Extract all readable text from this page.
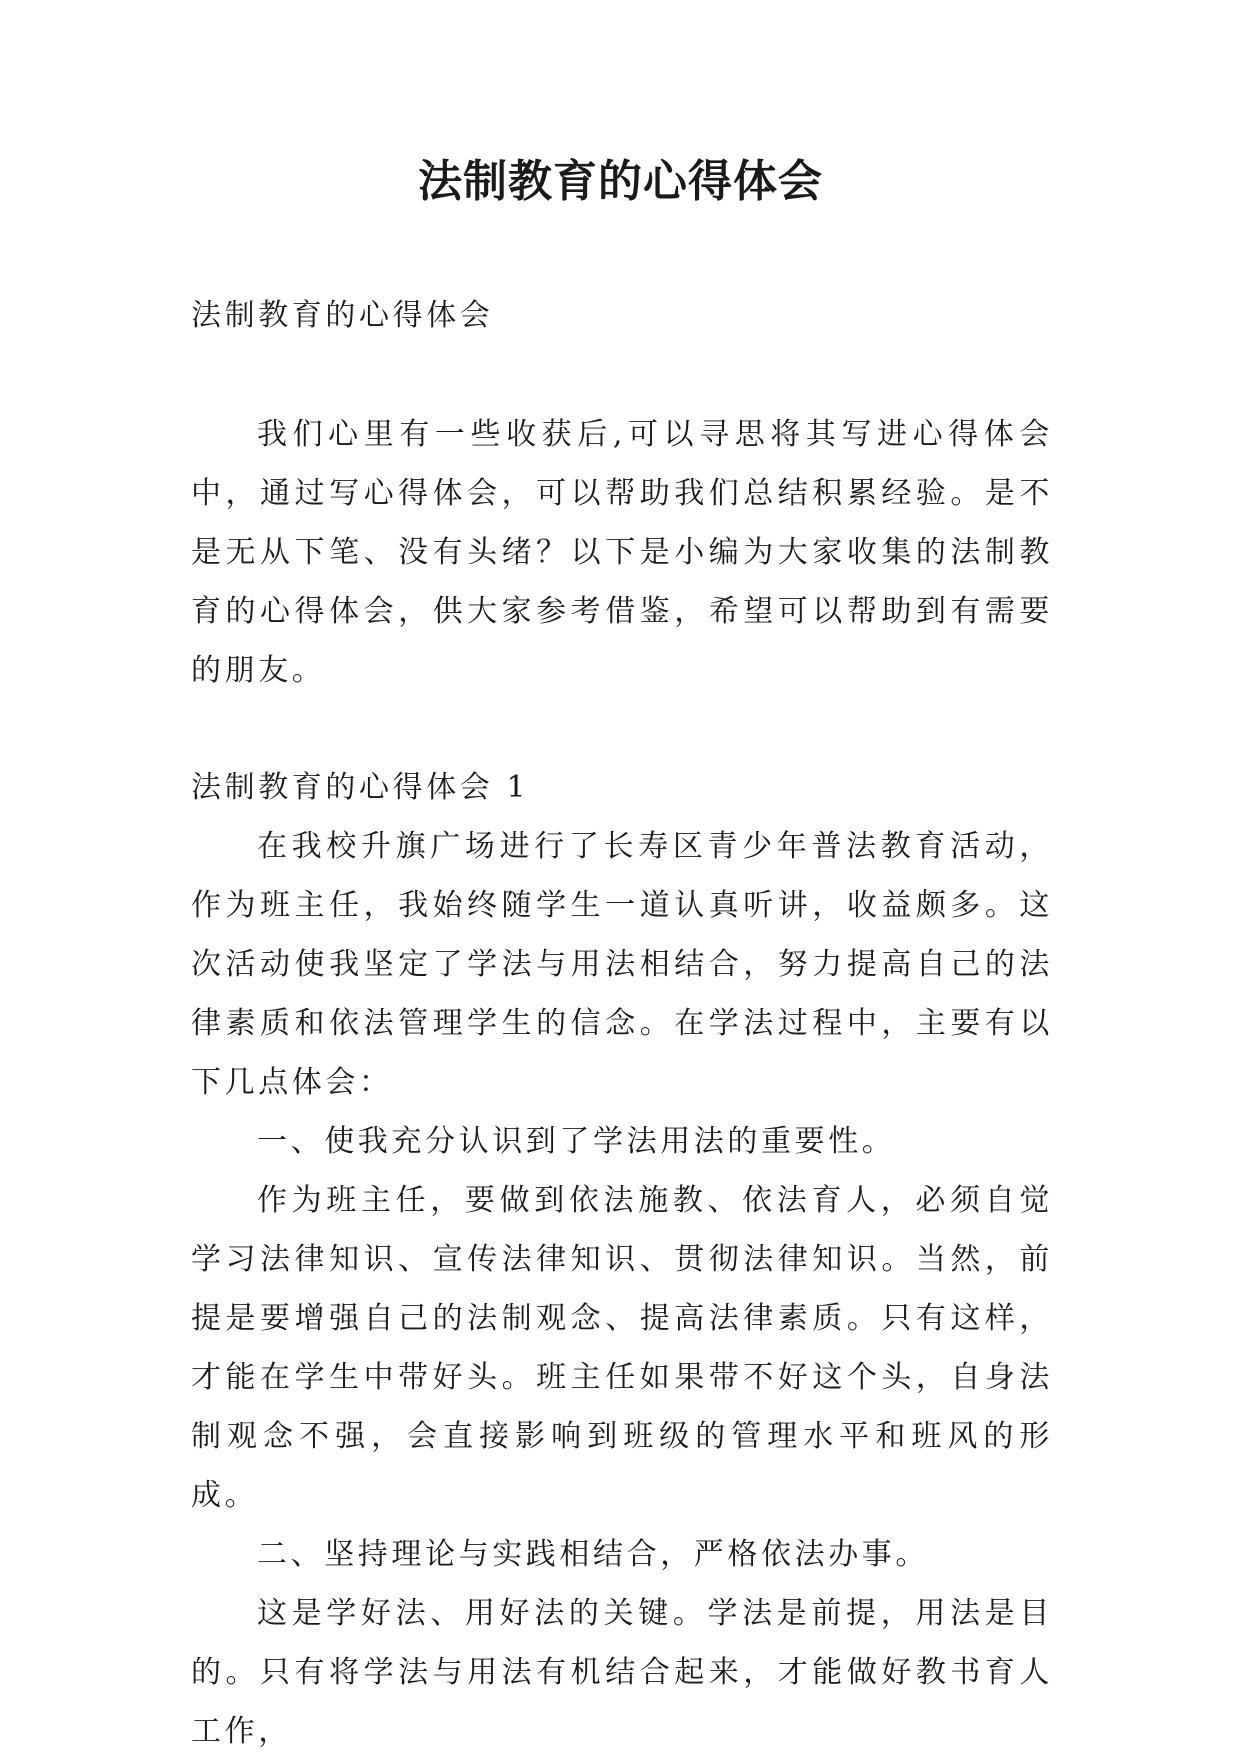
法制教育的心得体会

法制教育的心得体会

我们心里有一些收获后,可以寻思将其写进心得体会中，通过写心得体会，可以帮助我们总结积累经验。是不是无从下笔、没有头绪？以下是小编为大家收集的法制教育的心得体会，供大家参考借鉴，希望可以帮助到有需要的朋友。

法制教育的心得体会 1

在我校升旗广场进行了长寿区青少年普法教育活动，作为班主任，我始终随学生一道认真听讲，收益颇多。这次活动使我坚定了学法与用法相结合，努力提高自己的法律素质和依法管理学生的信念。在学法过程中，主要有以下几点体会：

一、使我充分认识到了学法用法的重要性。

作为班主任，要做到依法施教、依法育人，必须自觉学习法律知识、宣传法律知识、贯彻法律知识。当然，前提是要增强自己的法制观念、提高法律素质。只有这样，才能在学生中带好头。班主任如果带不好这个头，自身法制观念不强，会直接影响到班级的管理水平和班风的形成。

二、坚持理论与实践相结合，严格依法办事。

这是学好法、用好法的关键。学法是前提，用法是目的。只有将学法与用法有机结合起来，才能做好教书育人工作，
